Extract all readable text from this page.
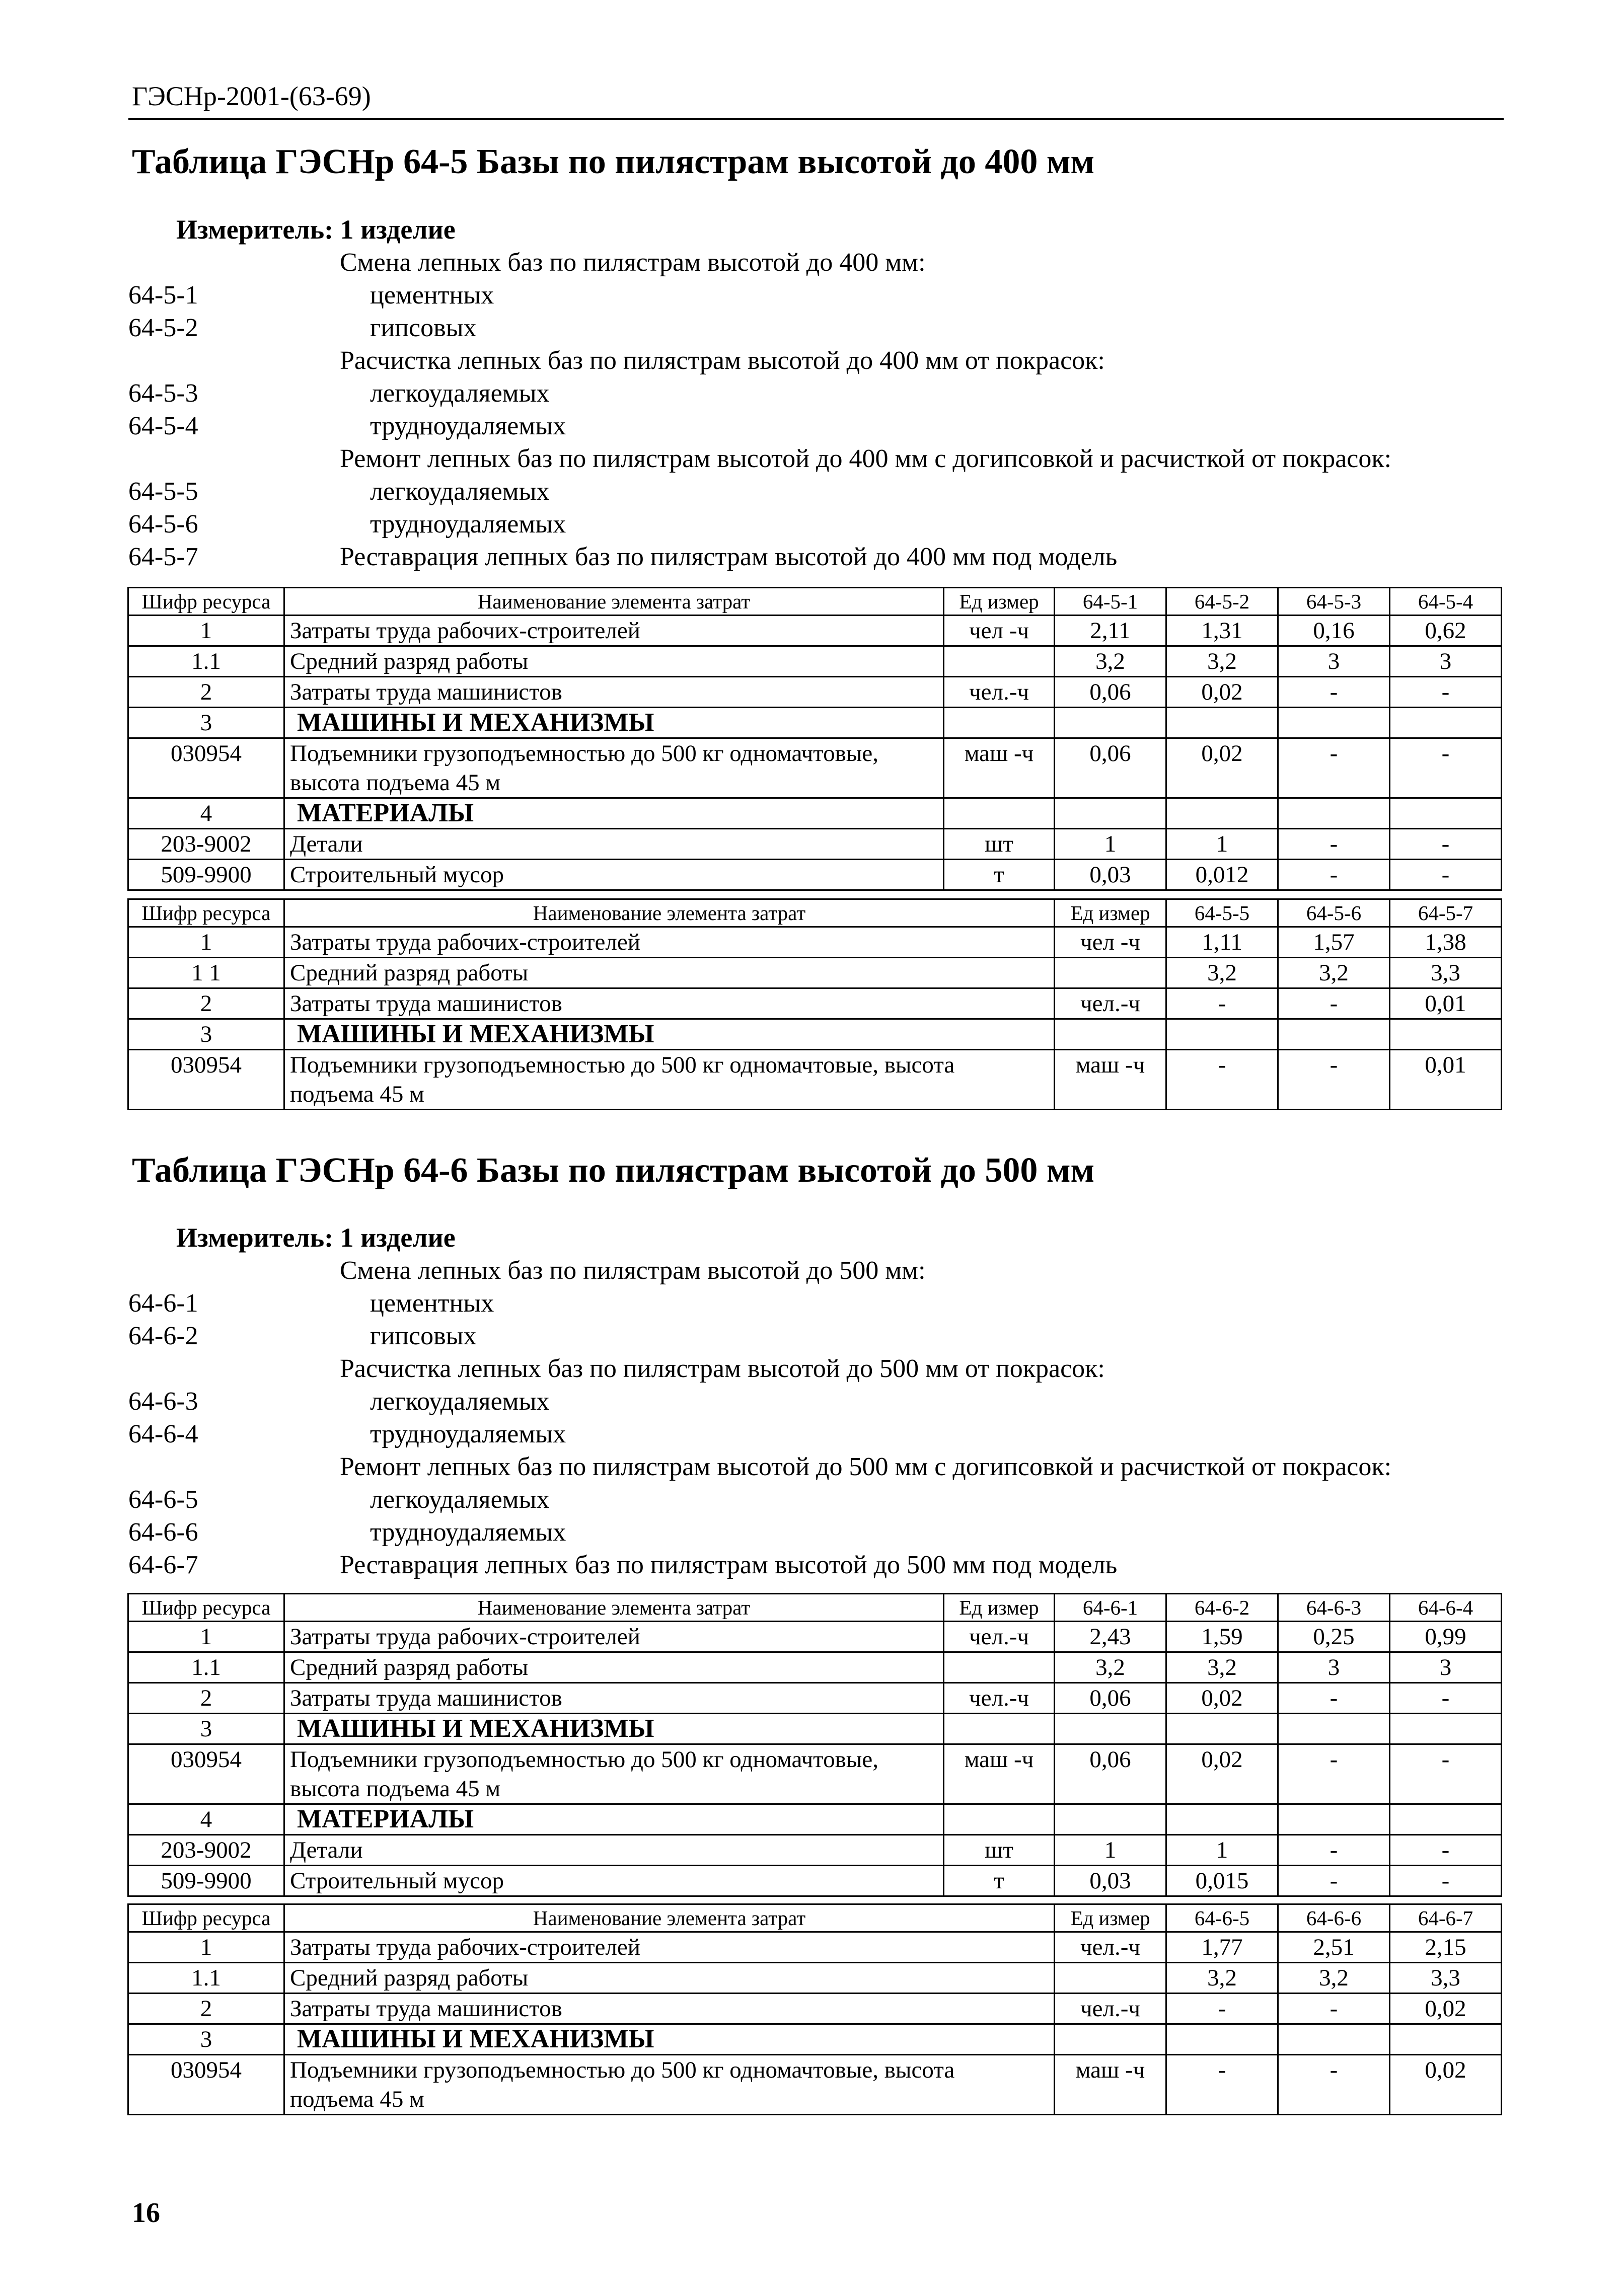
ГЭСНр-2001-(63-69)
Таблица ГЭСНр 64-5 Базы по пилястрам высотой до 400 мм
Измеритель: 1 изделие
Смена лепных баз по пилястрам высотой до 400 мм:
64-5-1	цементных
64-5-2	гипсовых
Расчистка лепных баз по пилястрам высотой до 400 мм от покрасок:
64-5-3	легкоудаляемых
64-5-4	трудноудаляемых
Ремонт лепных баз по пилястрам высотой до 400 мм с догипсовкой и расчисткой от покрасок:
64-5-5	легкоудаляемых
64-5-6	трудноудаляемых
64-5-7	Реставрация лепных баз по пилястрам высотой до 400 мм под модель
Шифр ресурса	Наименование элемента затрат	Ед измер	64-5-1	64-5-2	64-5-3	64-5-4
1	Затраты труда рабочих-строителей	чел -ч	2,11	1,31	0,16	0,62
1.1	Средний разряд работы		3,2	3,2	3	3
2	Затраты труда машинистов	чел.-ч	0,06	0,02	-	-
3	МАШИНЫ И МЕХАНИЗМЫ					
030954	Подъемники грузоподъемностью до 500 кг одномачтовые,	маш -ч	0,06	0,02	-	-
	высота подъема 45 м					
4	МАТЕРИАЛЫ					
203-9002	Детали	шт	1	1	-	-
509-9900	Строительный мусор	т	0,03	0,012	-	-
Шифр ресурса	Наименование элемента затрат	Ед измер	64-5-5	64-5-6	64-5-7
1	Затраты труда рабочих-строителей	чел -ч	1,11	1,57	1,38
1 1	Средний разряд работы		3,2	3,2	3,3
2	Затраты труда машинистов	чел.-ч	-	-	0,01
3	МАШИНЫ И МЕХАНИЗМЫ				
030954	Подъемники грузоподъемностью до 500 кг одномачтовые, высота	маш -ч	-	-	0,01
	подъема 45 м				
Таблица ГЭСНр 64-6 Базы по пилястрам высотой до 500 мм
Измеритель: 1 изделие
Смена лепных баз по пилястрам высотой до 500 мм:
64-6-1	цементных
64-6-2	гипсовых
Расчистка лепных баз по пилястрам высотой до 500 мм от покрасок:
64-6-3	легкоудаляемых
64-6-4	трудноудаляемых
Ремонт лепных баз по пилястрам высотой до 500 мм с догипсовкой и расчисткой от покрасок:
64-6-5	легкоудаляемых
64-6-6	трудноудаляемых
64-6-7	Реставрация лепных баз по пилястрам высотой до 500 мм под модель
Шифр ресурса	Наименование элемента затрат	Ед измер	64-6-1	64-6-2	64-6-3	64-6-4
1	Затраты труда рабочих-строителей	чел.-ч	2,43	1,59	0,25	0,99
1.1	Средний разряд работы		3,2	3,2	3	3
2	Затраты труда машинистов	чел.-ч	0,06	0,02	-	-
3	МАШИНЫ И МЕХАНИЗМЫ					
030954	Подъемники грузоподъемностью до 500 кг одномачтовые,	маш -ч	0,06	0,02	-	-
	высота подъема 45 м					
4	МАТЕРИАЛЫ					
203-9002	Детали	шт	1	1	-	-
509-9900	Строительный мусор	т	0,03	0,015	-	-
Шифр ресурса	Наименование элемента затрат	Ед измер	64-6-5	64-6-6	64-6-7
1	Затраты труда рабочих-строителей	чел.-ч	1,77	2,51	2,15
1.1	Средний разряд работы		3,2	3,2	3,3
2	Затраты труда машинистов	чел.-ч	-	-	0,02
3	МАШИНЫ И МЕХАНИЗМЫ				
030954	Подъемники грузоподъемностью до 500 кг одномачтовые, высота	маш -ч	-	-	0,02
	подъема 45 м				
16
